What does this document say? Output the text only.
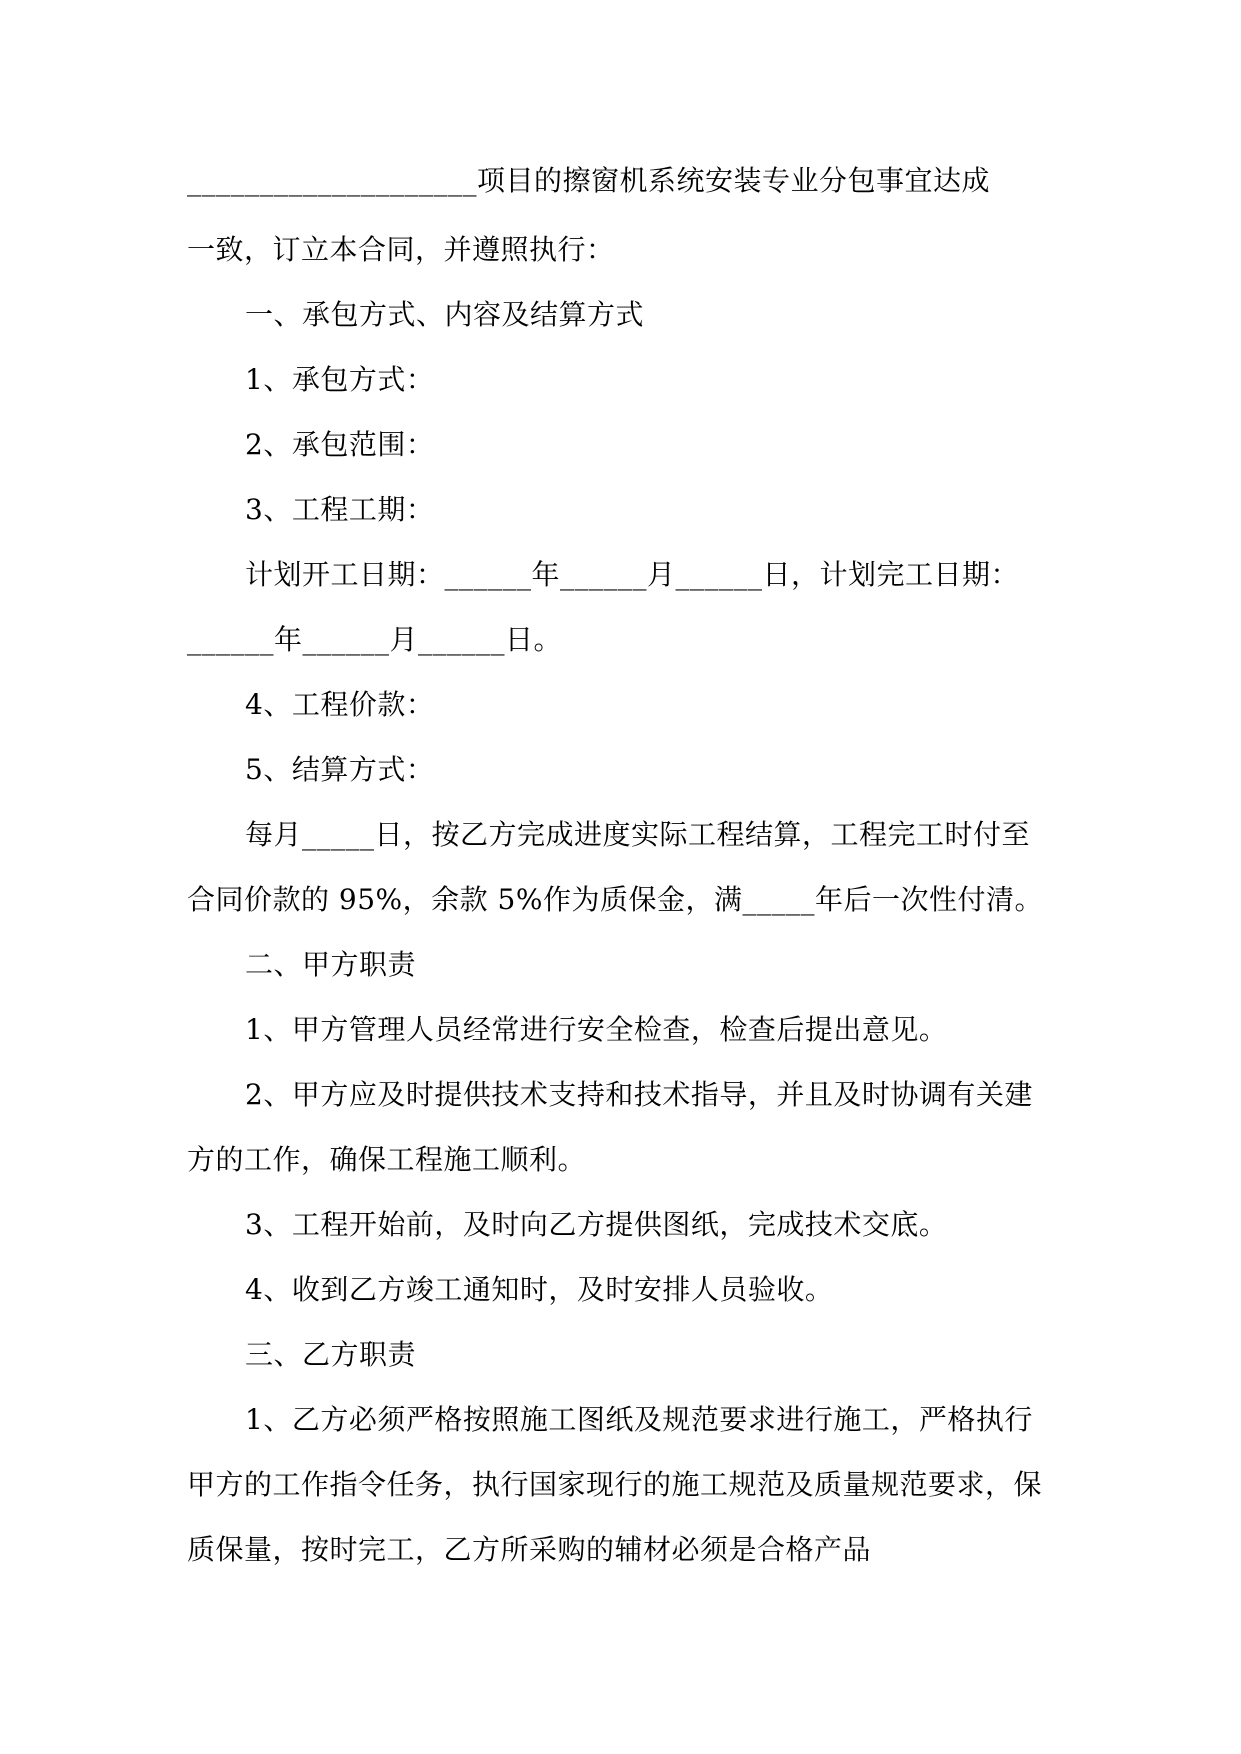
____________________项目的擦窗机系统安装专业分包事宜达成
一致，订立本合同，并遵照执行：
一、承包方式、内容及结算方式
1、承包方式：
2、承包范围：
3、工程工期：
计划开工日期：______年______月______日，计划完工日期：
______年______月______日。
4、工程价款：
5、结算方式：
每月_____日，按乙方完成进度实际工程结算，工程完工时付至
合同价款的 95%，余款 5%作为质保金，满_____年后一次性付清。
二、甲方职责
1、甲方管理人员经常进行安全检查，检查后提出意见。
2、甲方应及时提供技术支持和技术指导，并且及时协调有关建
方的工作，确保工程施工顺利。
3、工程开始前，及时向乙方提供图纸，完成技术交底。
4、收到乙方竣工通知时，及时安排人员验收。
三、乙方职责
1、乙方必须严格按照施工图纸及规范要求进行施工，严格执行
甲方的工作指令任务，执行国家现行的施工规范及质量规范要求，保
质保量，按时完工，乙方所采购的辅材必须是合格产品
